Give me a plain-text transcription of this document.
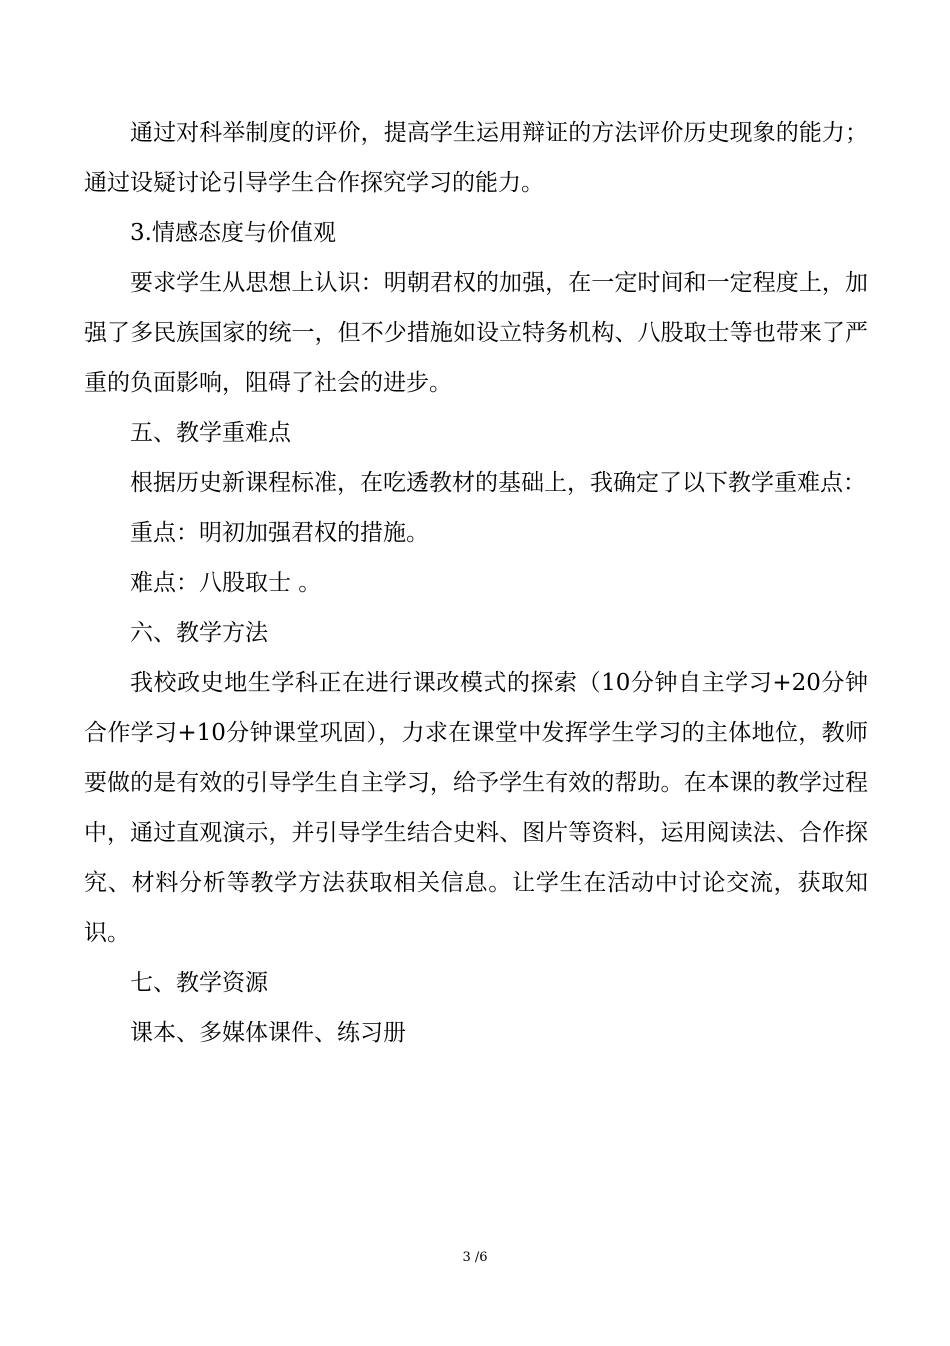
通过对科举制度的评价，提高学生运用辩证的方法评价历史现象的能力；通过设疑讨论引导学生合作探究学习的能力。

3.情感态度与价值观

要求学生从思想上认识：明朝君权的加强，在一定时间和一定程度上，加强了多民族国家的统一，但不少措施如设立特务机构、八股取士等也带来了严重的负面影响，阻碍了社会的进步。

五、教学重难点

根据历史新课程标准，在吃透教材的基础上，我确定了以下教学重难点：

重点：明初加强君权的措施。

难点：八股取士 。

六、教学方法

我校政史地生学科正在进行课改模式的探索（10分钟自主学习+20分钟合作学习+10分钟课堂巩固），力求在课堂中发挥学生学习的主体地位，教师要做的是有效的引导学生自主学习，给予学生有效的帮助。在本课的教学过程中，通过直观演示，并引导学生结合史料、图片等资料，运用阅读法、合作探究、材料分析等教学方法获取相关信息。让学生在活动中讨论交流，获取知识。

七、教学资源

课本、多媒体课件、练习册

3 /6
